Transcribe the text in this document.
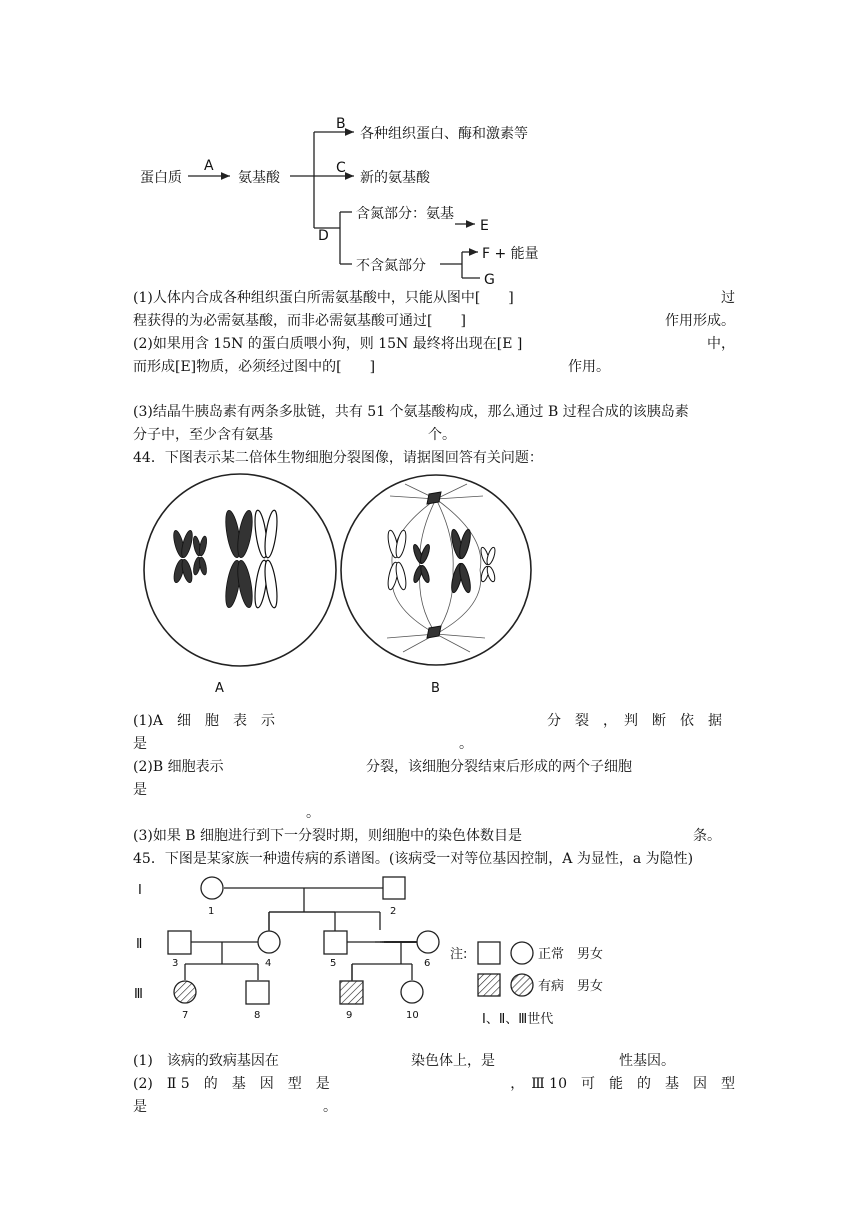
蛋白质
A
氨基酸
B
各种组织蛋白、酶和激素等
C
新的氨基酸
D
含氮部分：氨基
E
不含氮部分
F + 能量
G
(1)人体内合成各种组织蛋白所需氨基酸中，只能从图中[　　]	过
程获得的为必需氨基酸，而非必需氨基酸可通过[　　]	作用形成。
(2)如果用含 15N 的蛋白质喂小狗，则 15N 最终将出现在[E ]	中，
而形成[E]物质，必须经过图中的[　　]	作用。
(3)结晶牛胰岛素有两条多肽链，共有 51 个氨基酸构成，那么通过 B 过程合成的该胰岛素
分子中，至少含有氨基	个。
44．下图表示某二倍体生物细胞分裂图像，请据图回答有关问题：
A	B
(1)A　细　胞　表　示	分　裂　，　判　断　依　据
是	。
(2)B 细胞表示	分裂，该细胞分裂结束后形成的两个子细胞
是
。
(3)如果 B 细胞进行到下一分裂时期，则细胞中的染色体数目是	条。
45．下图是某家族一种遗传病的系谱图。(该病受一对等位基因控制，A 为显性，a 为隐性)
Ⅰ
Ⅱ
Ⅲ
1	2
3	4	5	6
7	8	9	10
注:	正常　男女
有病　男女
Ⅰ、Ⅱ、Ⅲ世代
(1)　该病的致病基因在	染色体上，是	性基因。
(2)　Ⅱ 5　的　基　因　型　是	，　Ⅲ 10　可　能　的　基　因　型
是	。
